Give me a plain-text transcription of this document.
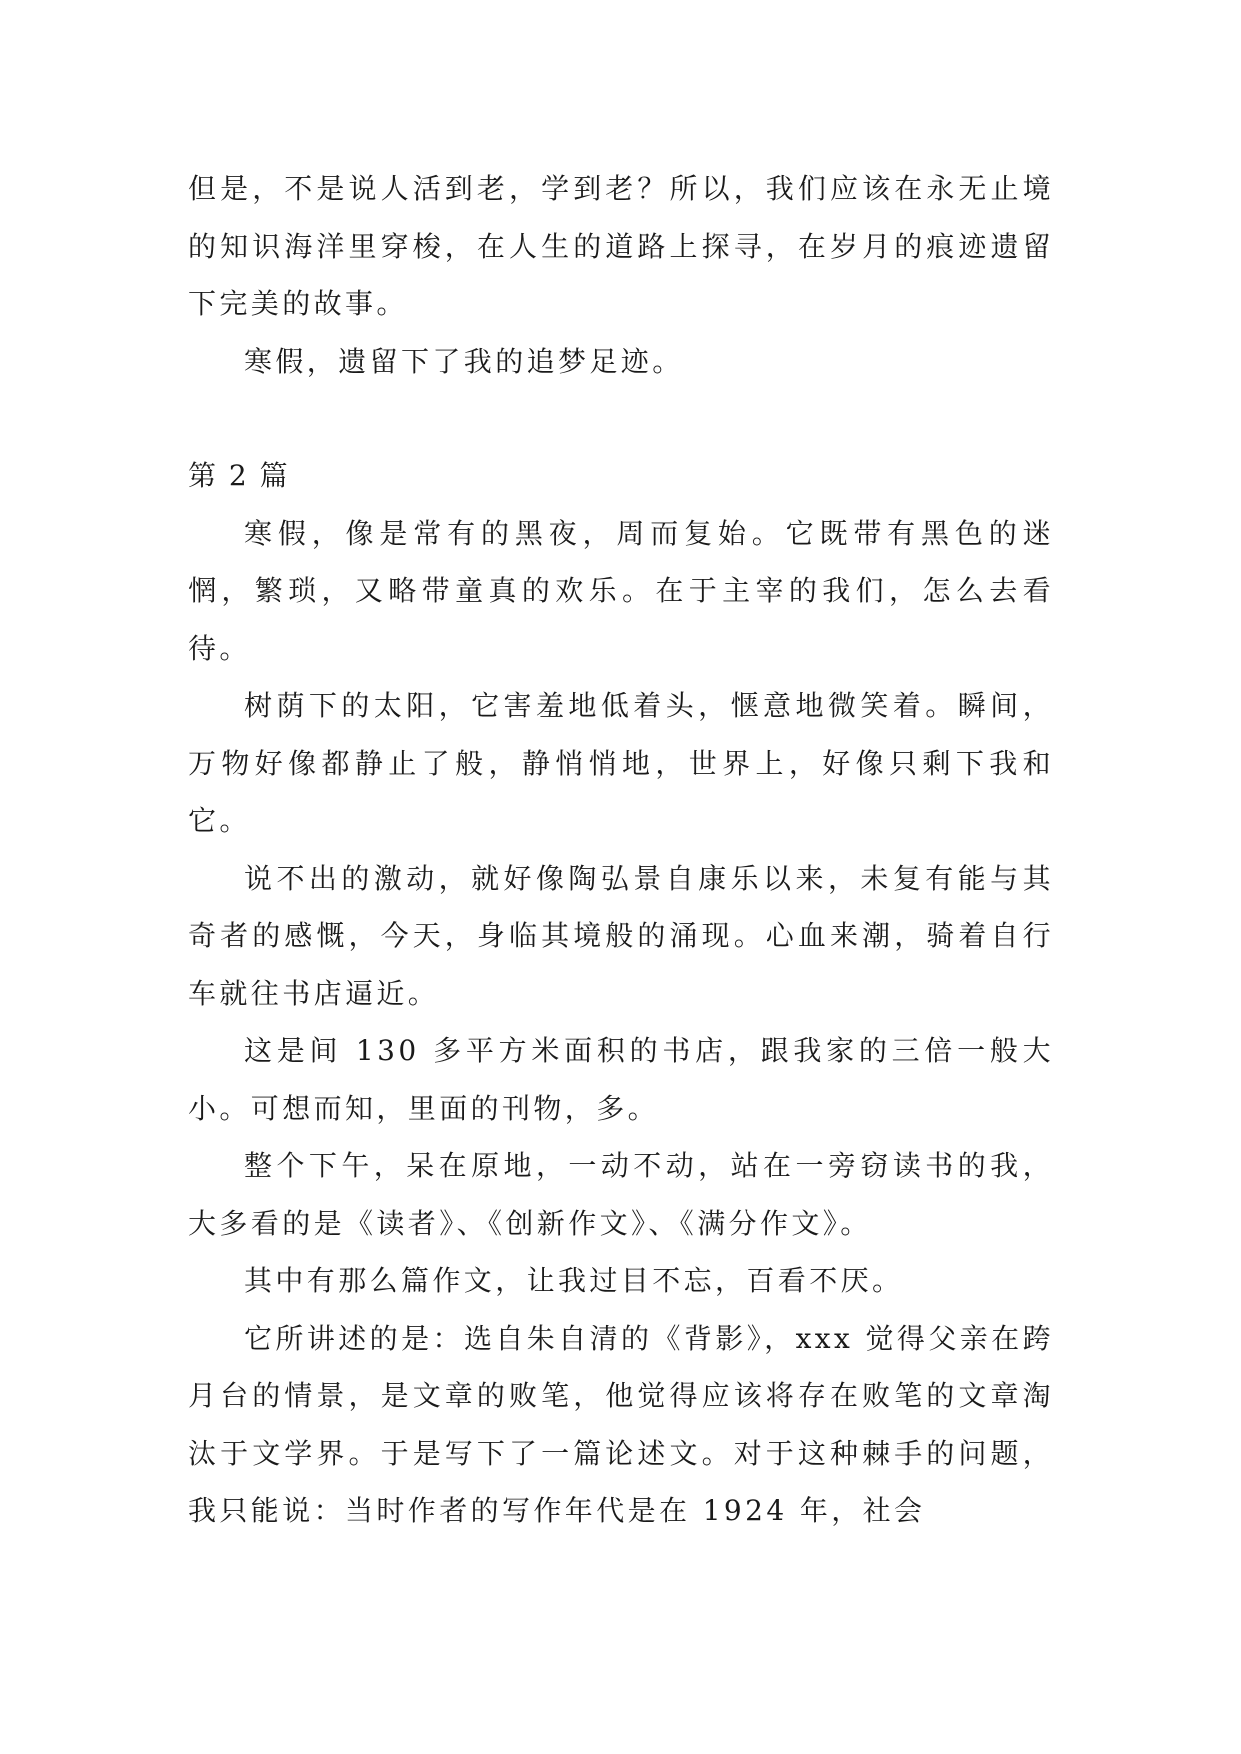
但是，不是说人活到老，学到老？所以，我们应该在永无止境的知识海洋里穿梭，在人生的道路上探寻，在岁月的痕迹遗留下完美的故事。

寒假，遗留下了我的追梦足迹。

第 2 篇

寒假，像是常有的黑夜，周而复始。它既带有黑色的迷惘，繁琐，又略带童真的欢乐。在于主宰的我们，怎么去看待。

树荫下的太阳，它害羞地低着头，惬意地微笑着。瞬间，万物好像都静止了般，静悄悄地，世界上，好像只剩下我和它。

说不出的激动，就好像陶弘景自康乐以来，未复有能与其奇者的感慨，今天，身临其境般的涌现。心血来潮，骑着自行车就往书店逼近。

这是间 130 多平方米面积的书店，跟我家的三倍一般大小。可想而知，里面的刊物，多。

整个下午，呆在原地，一动不动，站在一旁窃读书的我，大多看的是《读者》、《创新作文》、《满分作文》。

其中有那么篇作文，让我过目不忘，百看不厌。

它所讲述的是：选自朱自清的《背影》，xxx 觉得父亲在跨月台的情景，是文章的败笔，他觉得应该将存在败笔的文章淘汰于文学界。于是写下了一篇论述文。对于这种棘手的问题，我只能说：当时作者的写作年代是在 1924 年，社会
